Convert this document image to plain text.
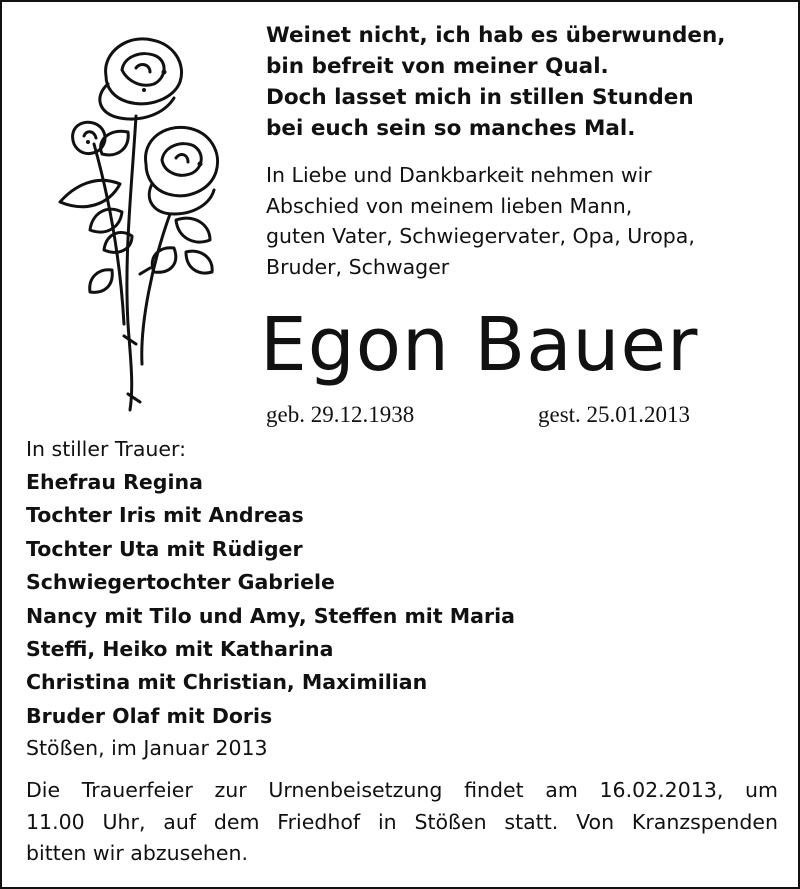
Weinet nicht, ich hab es überwunden,
bin befreit von meiner Qual.
Doch lasset mich in stillen Stunden
bei euch sein so manches Mal.
In Liebe und Dankbarkeit nehmen wir
Abschied von meinem lieben Mann,
guten Vater, Schwiegervater, Opa, Uropa,
Bruder, Schwager
Egon Bauer
geb. 29.12.1938	gest. 25.01.2013
In stiller Trauer:
Ehefrau Regina
Tochter Iris mit Andreas
Tochter Uta mit Rüdiger
Schwiegertochter Gabriele
Nancy mit Tilo und Amy, Steffen mit Maria
Steffi, Heiko mit Katharina
Christina mit Christian, Maximilian
Bruder Olaf mit Doris
Stößen, im Januar 2013
Die Trauerfeier zur Urnenbeisetzung findet am 16.02.2013, um
11.00 Uhr, auf dem Friedhof in Stößen statt. Von Kranzspenden
bitten wir abzusehen.
